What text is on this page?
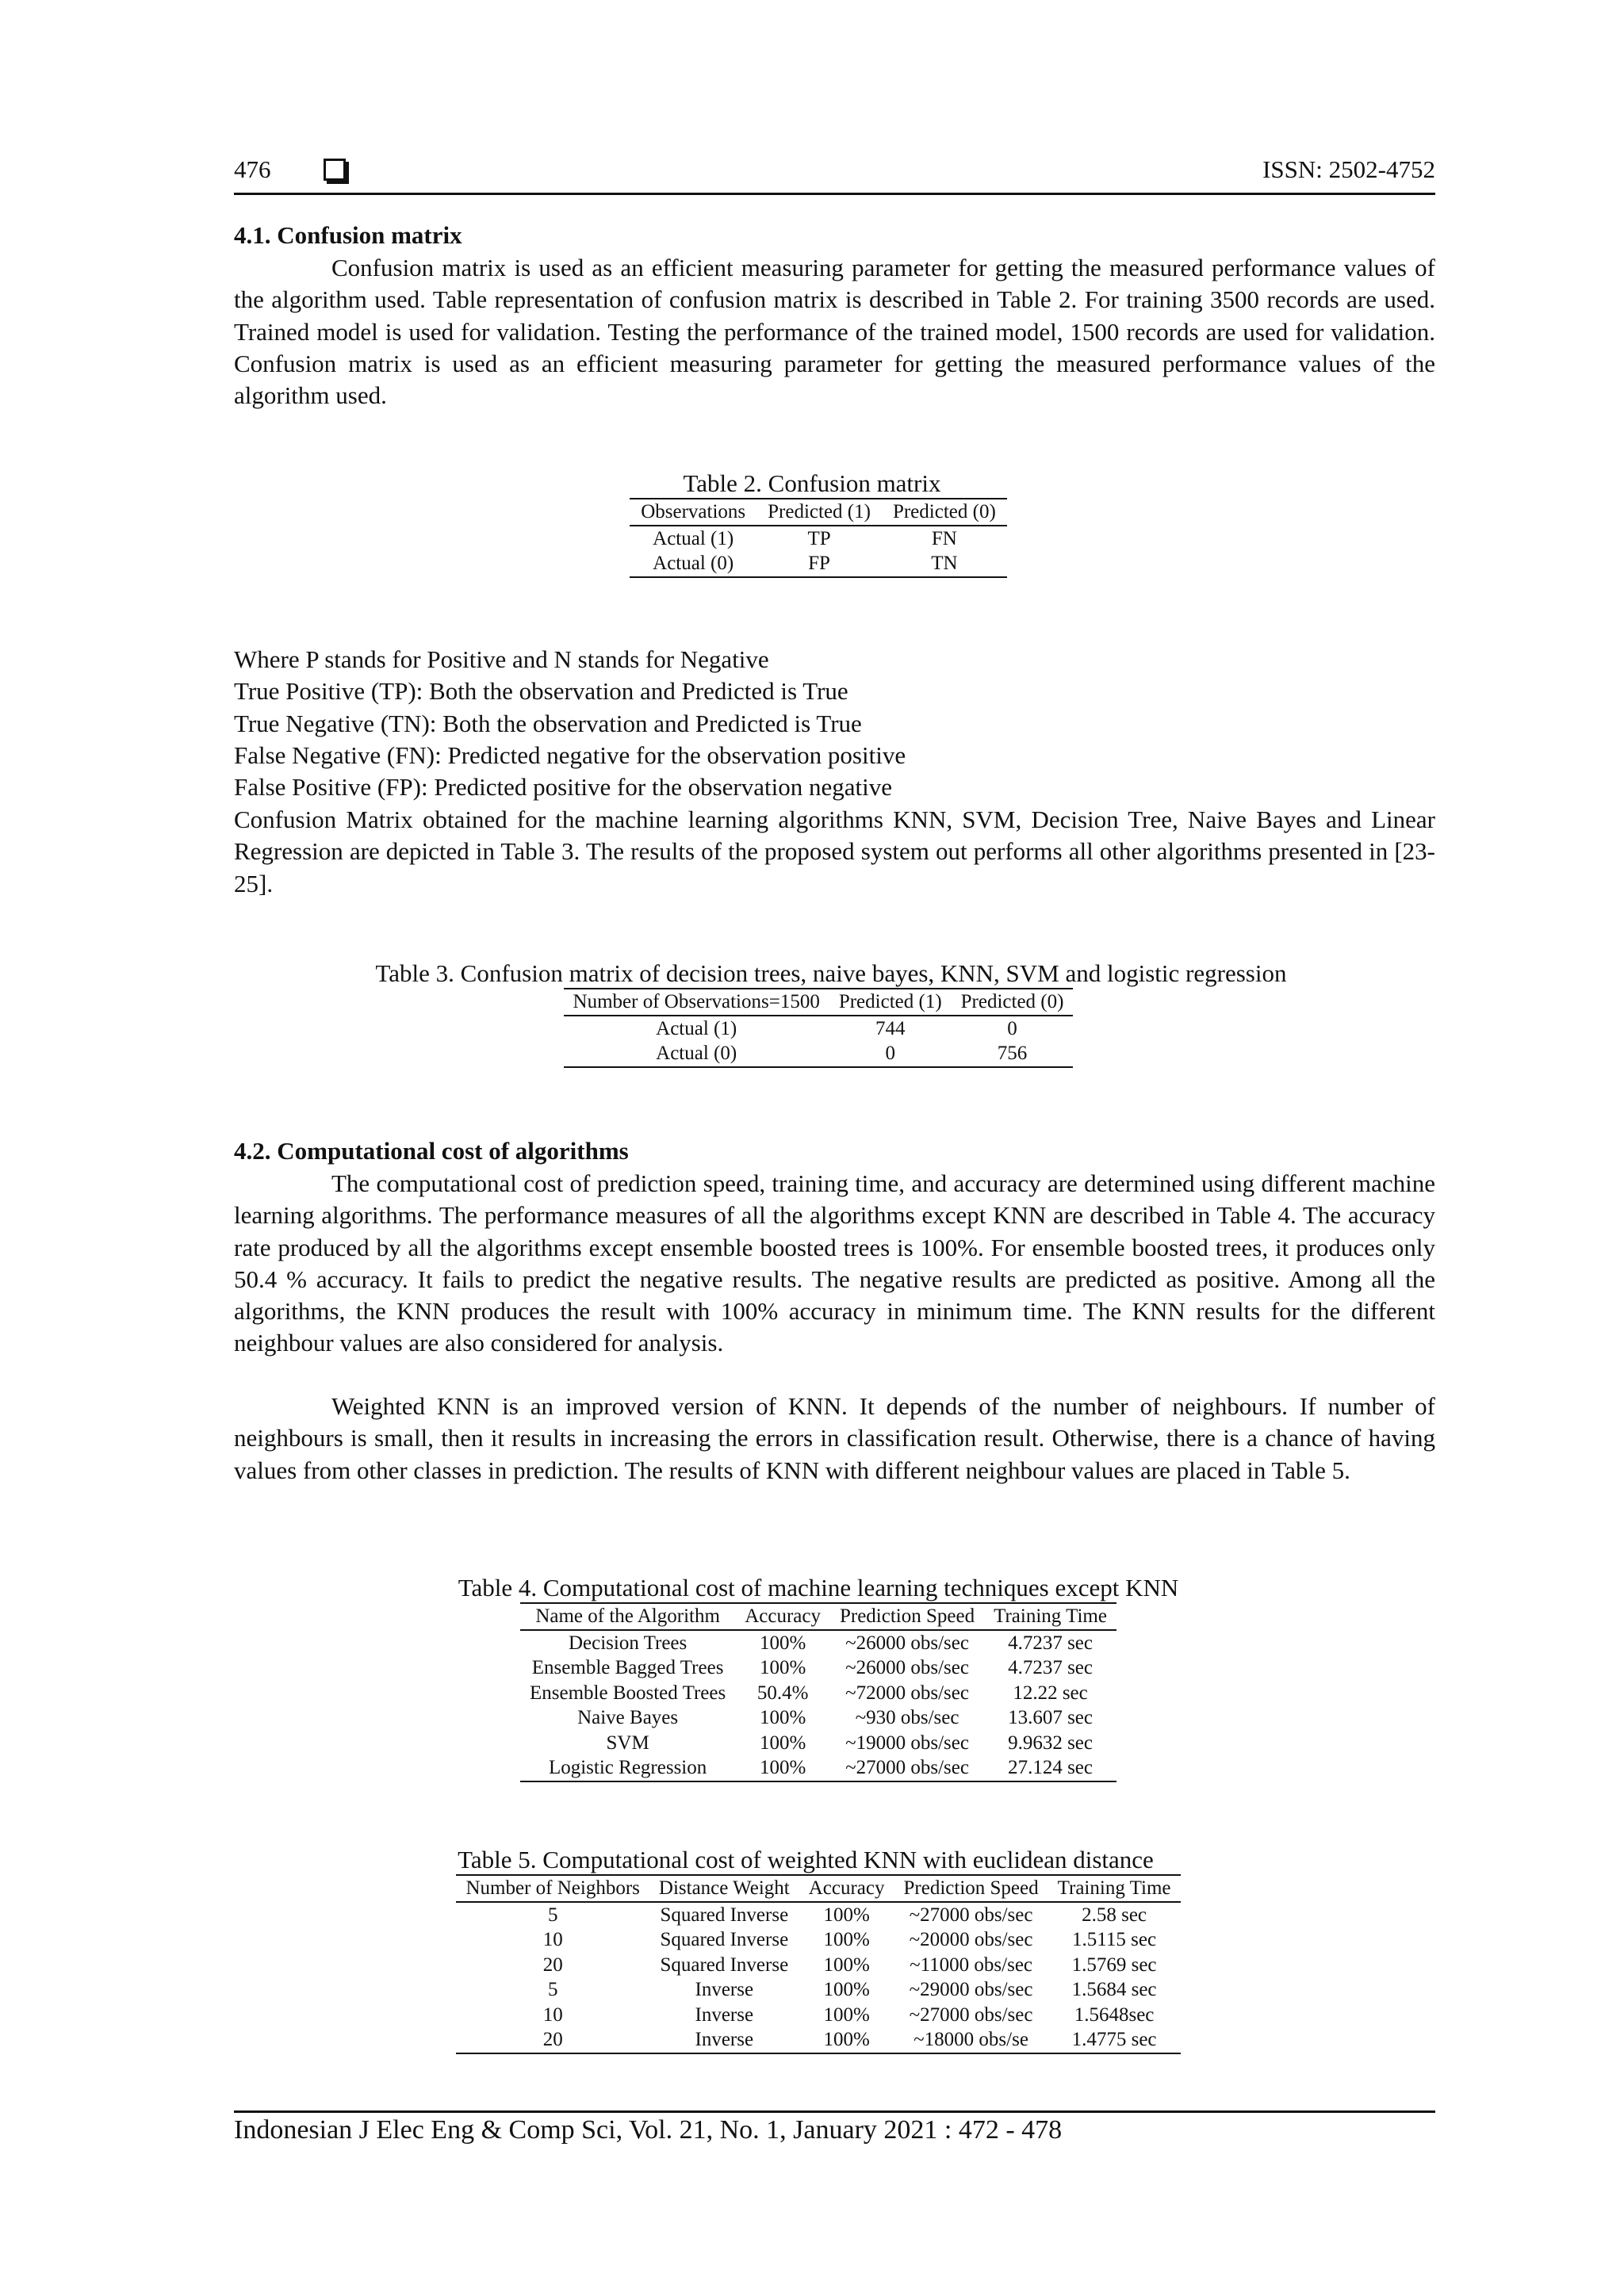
476	ISSN: 2502-4752
4.1. Confusion matrix

Confusion matrix is used as an efficient measuring parameter for getting the measured performance values of the algorithm used. Table representation of confusion matrix is described in Table 2. For training 3500 records are used. Trained model is used for validation. Testing the performance of the trained model, 1500 records are used for validation. Confusion matrix is used as an efficient measuring parameter for getting the measured performance values of the algorithm used.

Table 2. Confusion matrix
Observations	Predicted (1)	Predicted (0)
Actual (1)	TP	FN
Actual (0)	FP	TN
Where P stands for Positive and N stands for Negative
True Positive (TP): Both the observation and Predicted is True
True Negative (TN): Both the observation and Predicted is True
False Negative (FN): Predicted negative for the observation positive
False Positive (FP): Predicted positive for the observation negative

Confusion Matrix obtained for the machine learning algorithms KNN, SVM, Decision Tree, Naive Bayes and Linear Regression are depicted in Table 3. The results of the proposed system out performs all other algorithms presented in [23-25].

Table 3. Confusion matrix of decision trees, naive bayes, KNN, SVM and logistic regression
Number of Observations=1500	Predicted (1)	Predicted (0)
Actual (1)	744	0
Actual (0)	0	756
4.2. Computational cost of algorithms

The computational cost of prediction speed, training time, and accuracy are determined using different machine learning algorithms. The performance measures of all the algorithms except KNN are described in Table 4. The accuracy rate produced by all the algorithms except ensemble boosted trees is 100%. For ensemble boosted trees, it produces only 50.4 % accuracy. It fails to predict the negative results. The negative results are predicted as positive. Among all the algorithms, the KNN produces the result with 100% accuracy in minimum time. The KNN results for the different neighbour values are also considered for analysis.

Weighted KNN is an improved version of KNN. It depends of the number of neighbours. If number of neighbours is small, then it results in increasing the errors in classification result. Otherwise, there is a chance of having values from other classes in prediction. The results of KNN with different neighbour values are placed in Table 5.

Table 4. Computational cost of machine learning techniques except KNN
Name of the Algorithm	Accuracy	Prediction Speed	Training Time
Decision Trees	100%	~26000 obs/sec	4.7237 sec
Ensemble Bagged Trees	100%	~26000 obs/sec	4.7237 sec
Ensemble Boosted Trees	50.4%	~72000 obs/sec	12.22 sec
Naive Bayes	100%	~930 obs/sec	13.607 sec
SVM	100%	~19000 obs/sec	9.9632 sec
Logistic Regression	100%	~27000 obs/sec	27.124 sec
Table 5. Computational cost of weighted KNN with euclidean distance
Number of Neighbors	Distance Weight	Accuracy	Prediction Speed	Training Time
5	Squared Inverse	100%	~27000 obs/sec	2.58 sec
10	Squared Inverse	100%	~20000 obs/sec	1.5115 sec
20	Squared Inverse	100%	~11000 obs/sec	1.5769 sec
5	Inverse	100%	~29000 obs/sec	1.5684 sec
10	Inverse	100%	~27000 obs/sec	1.5648sec
20	Inverse	100%	~18000 obs/se	1.4775 sec
Indonesian J Elec Eng & Comp Sci, Vol. 21, No. 1, January 2021 : 472 - 478
